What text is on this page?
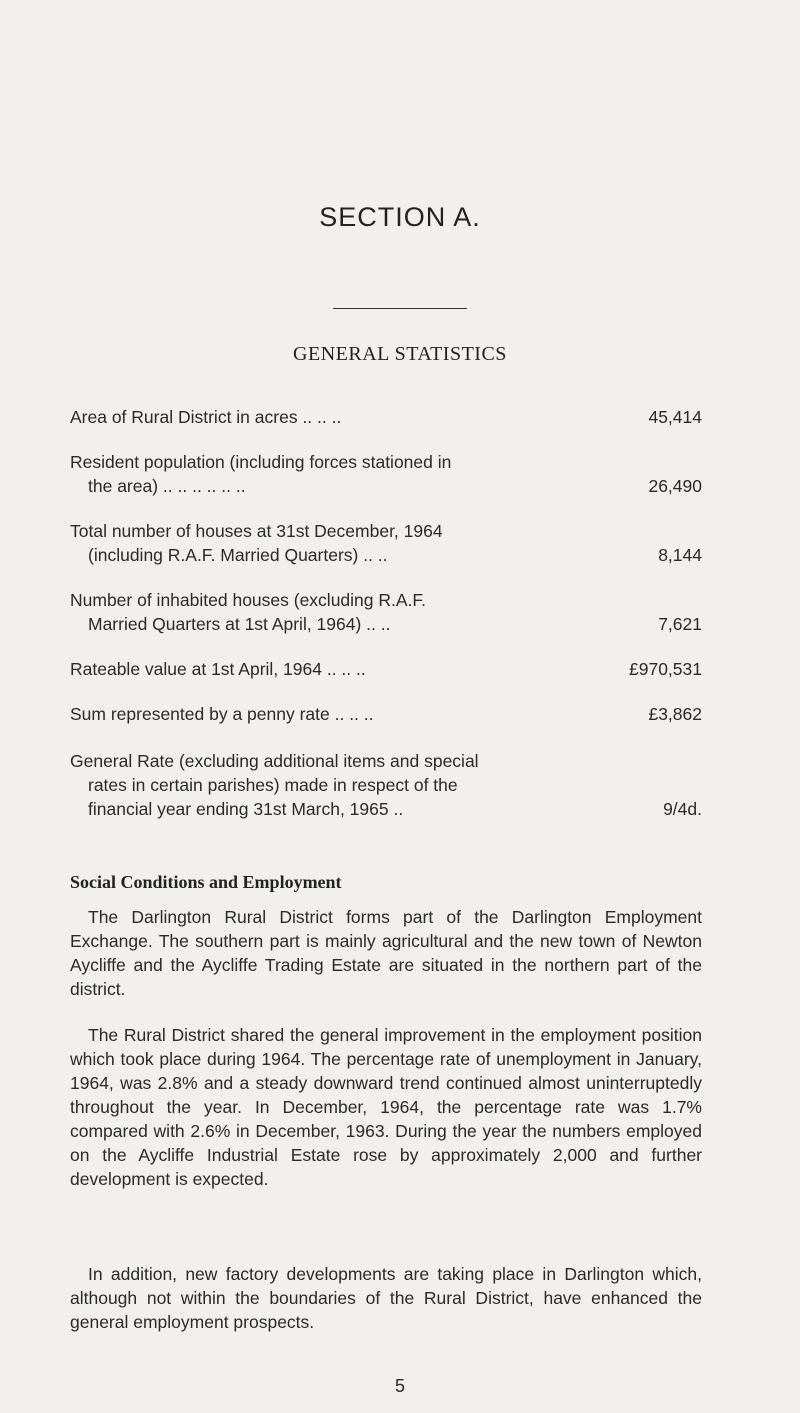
SECTION A.
GENERAL STATISTICS
Area of Rural District in acres .. .. ..	45,414
Resident population (including forces stationed in
the area) .. .. .. .. .. ..	26,490
Total number of houses at 31st December, 1964
(including R.A.F. Married Quarters) .. ..	8,144
Number of inhabited houses (excluding R.A.F.
Married Quarters at 1st April, 1964) .. ..	7,621
Rateable value at 1st April, 1964 .. .. ..	£970,531
Sum represented by a penny rate .. .. ..	£3,862
General Rate (excluding additional items and special
rates in certain parishes) made in respect of the
financial year ending 31st March, 1965 ..	9/4d.
Social Conditions and Employment

The Darlington Rural District forms part of the Darlington Employment Exchange. The southern part is mainly agricultural and the new town of Newton Aycliffe and the Aycliffe Trading Estate are situated in the northern part of the district.

The Rural District shared the general improvement in the employment position which took place during 1964. The percentage rate of unemployment in January, 1964, was 2.8% and a steady downward trend continued almost uninterruptedly throughout the year. In December, 1964, the percentage rate was 1.7% compared with 2.6% in December, 1963. During the year the numbers employed on the Aycliffe Industrial Estate rose by approximately 2,000 and further development is expected.

In addition, new factory developments are taking place in Darlington which, although not within the boundaries of the Rural District, have enhanced the general employment prospects.

5
